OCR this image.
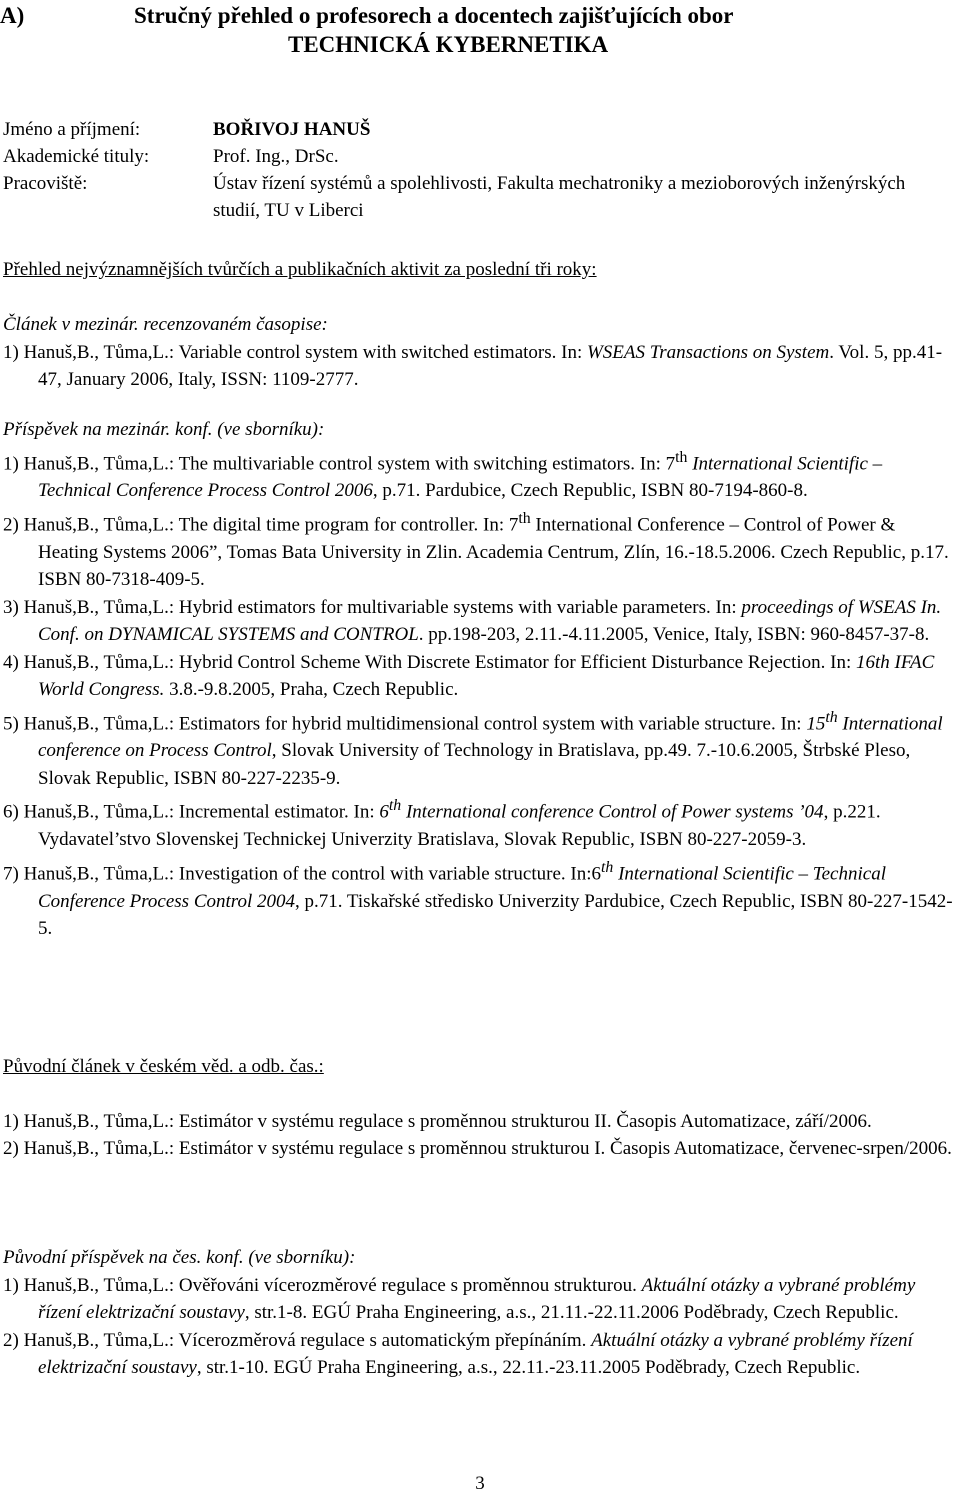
A)	Stručný přehled o profesorech a docentech zajišťujících obor
TECHNICKÁ KYBERNETIKA
Jméno a příjmení:	BOŘIVOJ HANUŠ
Akademické tituly:	Prof. Ing., DrSc.
Pracoviště:	Ústav řízení systémů a spolehlivosti, Fakulta mechatroniky a mezioborových inženýrských studií, TU v Liberci
Přehled nejvýznamnějších tvůrčích a publikačních aktivit za poslední tři roky:
Článek v mezinár. recenzovaném časopise:
1) Hanuš,B., Tůma,L.: Variable control system with switched estimators. In: WSEAS Transactions on System. Vol. 5, pp.41-47, January 2006, Italy, ISSN: 1109-2777.
Příspěvek na mezinár. konf. (ve sborníku):
1) Hanuš,B., Tůma,L.: The multivariable control system with switching estimators. In: 7th International Scientific – Technical Conference Process Control 2006, p.71. Pardubice, Czech Republic, ISBN 80-7194-860-8.
2) Hanuš,B., Tůma,L.: The digital time program for controller. In: 7th International Conference – Control of Power & Heating Systems 2006”, Tomas Bata University in Zlin. Academia Centrum, Zlín, 16.-18.5.2006. Czech Republic, p.17. ISBN 80-7318-409-5.
3) Hanuš,B., Tůma,L.: Hybrid estimators for multivariable systems with variable parameters. In: proceedings of WSEAS In. Conf. on DYNAMICAL SYSTEMS and CONTROL. pp.198-203, 2.11.-4.11.2005, Venice, Italy, ISBN: 960-8457-37-8.
4) Hanuš,B., Tůma,L.: Hybrid Control Scheme With Discrete Estimator for Efficient Disturbance Rejection. In: 16th IFAC World Congress. 3.8.-9.8.2005, Praha, Czech Republic.
5) Hanuš,B., Tůma,L.: Estimators for hybrid multidimensional control system with variable structure. In: 15th International conference on Process Control, Slovak University of Technology in Bratislava, pp.49. 7.-10.6.2005, Štrbské Pleso, Slovak Republic, ISBN 80-227-2235-9.
6) Hanuš,B., Tůma,L.: Incremental estimator. In: 6th International conference Control of Power systems ’04, p.221. Vydavatel’stvo Slovenskej Technickej Univerzity Bratislava, Slovak Republic, ISBN 80-227-2059-3.
7) Hanuš,B., Tůma,L.: Investigation of the control with variable structure. In:6th International Scientific – Technical Conference Process Control 2004, p.71. Tiskařské středisko Univerzity Pardubice, Czech Republic, ISBN 80-227-1542-5.
Původní článek v českém věd. a odb. čas.:
1) Hanuš,B., Tůma,L.: Estimátor v systému regulace s proměnnou strukturou II. Časopis Automatizace, září/2006.
2) Hanuš,B., Tůma,L.: Estimátor v systému regulace s proměnnou strukturou I. Časopis Automatizace, červenec-srpen/2006.
Původní příspěvek na čes. konf. (ve sborníku):
1) Hanuš,B., Tůma,L.: Ověřováni vícerozměrové regulace s proměnnou strukturou. Aktuální otázky a vybrané problémy řízení elektrizační soustavy, str.1-8. EGÚ Praha Engineering, a.s., 21.11.-22.11.2006 Poděbrady, Czech Republic.
2) Hanuš,B., Tůma,L.: Vícerozměrová regulace s automatickým přepínáním. Aktuální otázky a vybrané problémy řízení elektrizační soustavy, str.1-10. EGÚ Praha Engineering, a.s., 22.11.-23.11.2005 Poděbrady, Czech Republic.
3
